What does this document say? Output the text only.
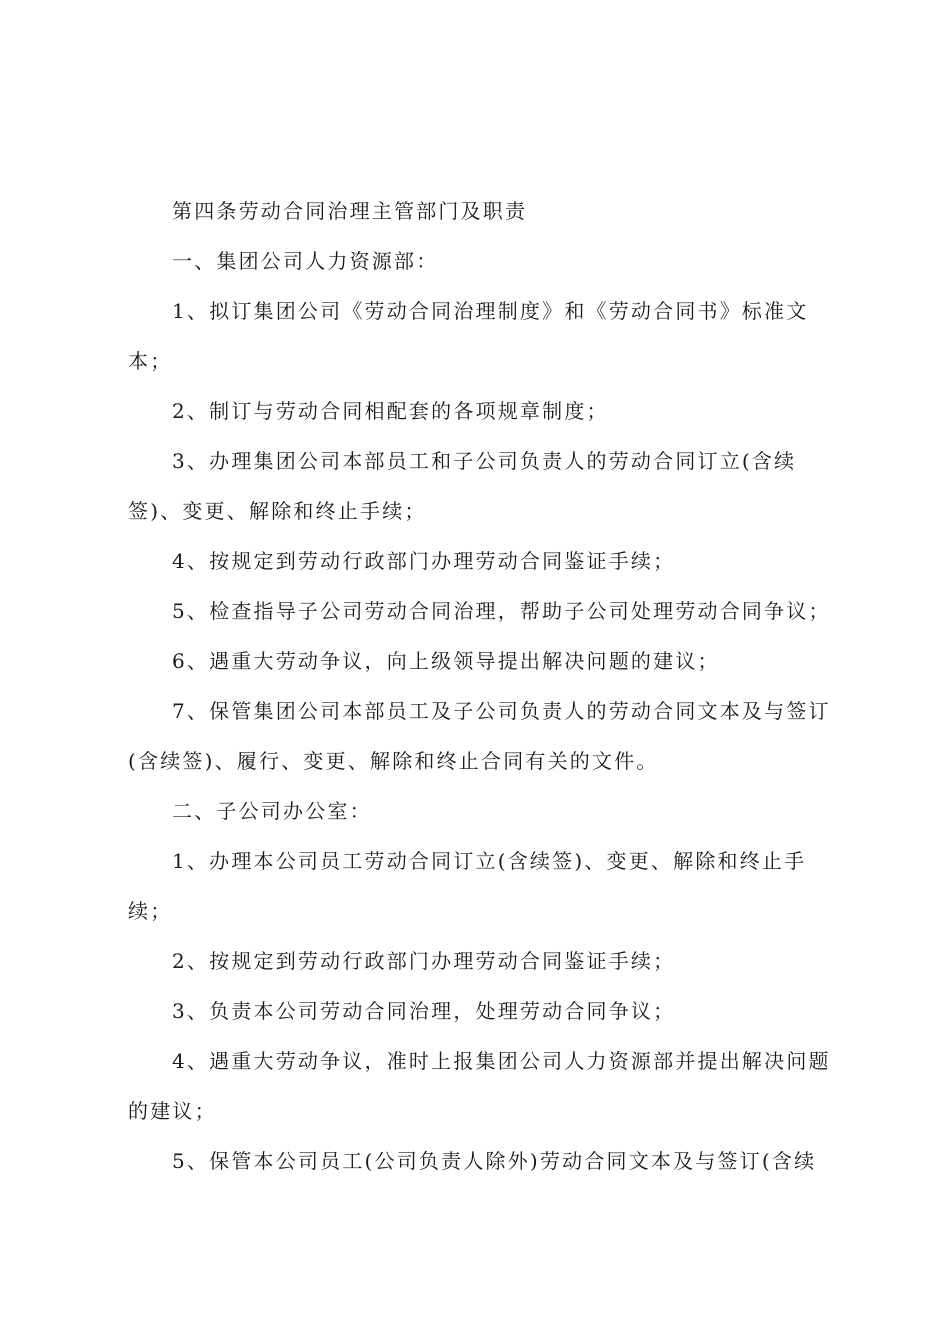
第四条劳动合同治理主管部门及职责

一、集团公司人力资源部：

1、拟订集团公司《劳动合同治理制度》和《劳动合同书》标准文本；

2、制订与劳动合同相配套的各项规章制度；

3、办理集团公司本部员工和子公司负责人的劳动合同订立(含续签)、变更、解除和终止手续；

4、按规定到劳动行政部门办理劳动合同鉴证手续；

5、检查指导子公司劳动合同治理，帮助子公司处理劳动合同争议；

6、遇重大劳动争议，向上级领导提出解决问题的建议；

7、保管集团公司本部员工及子公司负责人的劳动合同文本及与签订(含续签)、履行、变更、解除和终止合同有关的文件。

二、子公司办公室：

1、办理本公司员工劳动合同订立(含续签)、变更、解除和终止手续；

2、按规定到劳动行政部门办理劳动合同鉴证手续；

3、负责本公司劳动合同治理，处理劳动合同争议；

4、遇重大劳动争议，准时上报集团公司人力资源部并提出解决问题的建议；

5、保管本公司员工(公司负责人除外)劳动合同文本及与签订(含续
